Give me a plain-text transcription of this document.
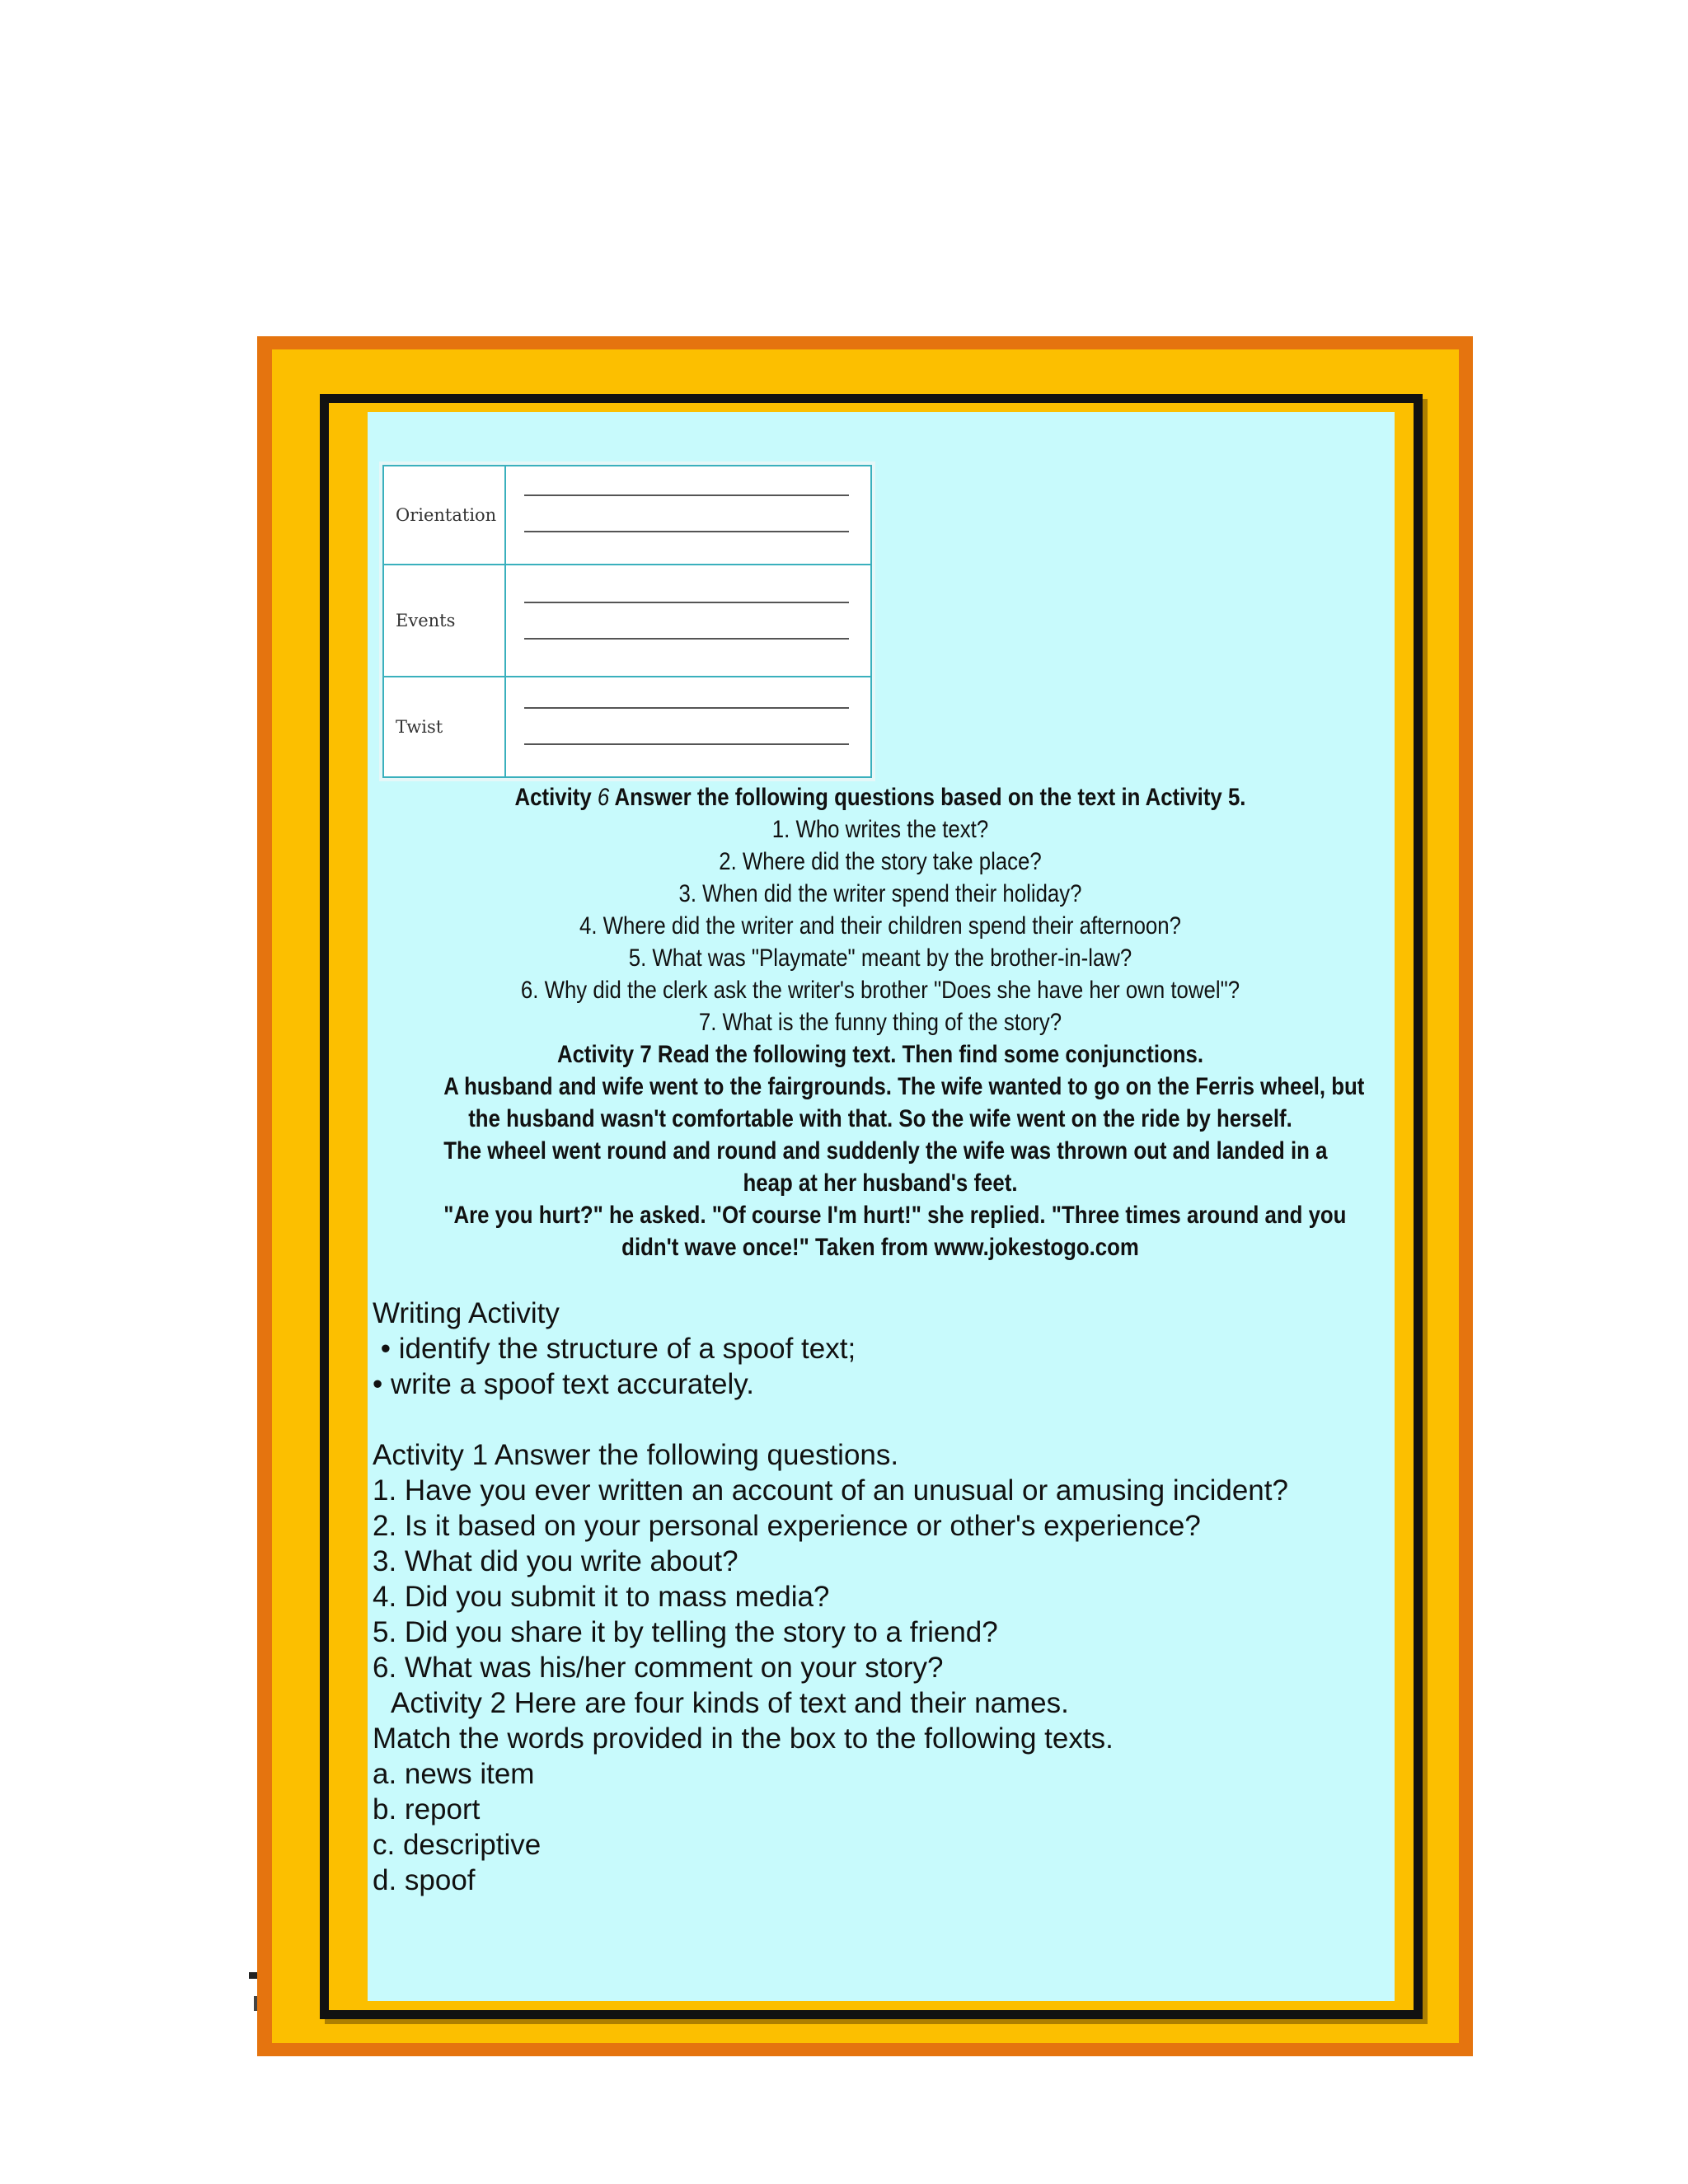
Orientation
Events
Twist
Activity 6 Answer the following questions based on the text in Activity 5.
1. Who writes the text?
2. Where did the story take place?
3. When did the writer spend their holiday?
4. Where did the writer and their children spend their afternoon?
5. What was "Playmate" meant by the brother-in-law?
6. Why did the clerk ask the writer's brother "Does she have her own towel"?
7. What is the funny thing of the story?
Activity 7 Read the following text. Then find some conjunctions.
A husband and wife went to the fairgrounds. The wife wanted to go on the Ferris wheel, but
the husband wasn't comfortable with that. So the wife went on the ride by herself.
The wheel went round and round and suddenly the wife was thrown out and landed in a
heap at her husband's feet.
"Are you hurt?" he asked. "Of course I'm hurt!" she replied. "Three times around and you
didn't wave once!" Taken from www.jokestogo.com
Writing Activity
• identify the structure of a spoof text;
• write a spoof text accurately.
Activity 1 Answer the following questions.
1. Have you ever written an account of an unusual or amusing incident?
2. Is it based on your personal experience or other's experience?
3. What did you write about?
4. Did you submit it to mass media?
5. Did you share it by telling the story to a friend?
6. What was his/her comment on your story?
Activity 2 Here are four kinds of text and their names.
Match the words provided in the box to the following texts.
a. news item
b. report
c. descriptive
d. spoof
